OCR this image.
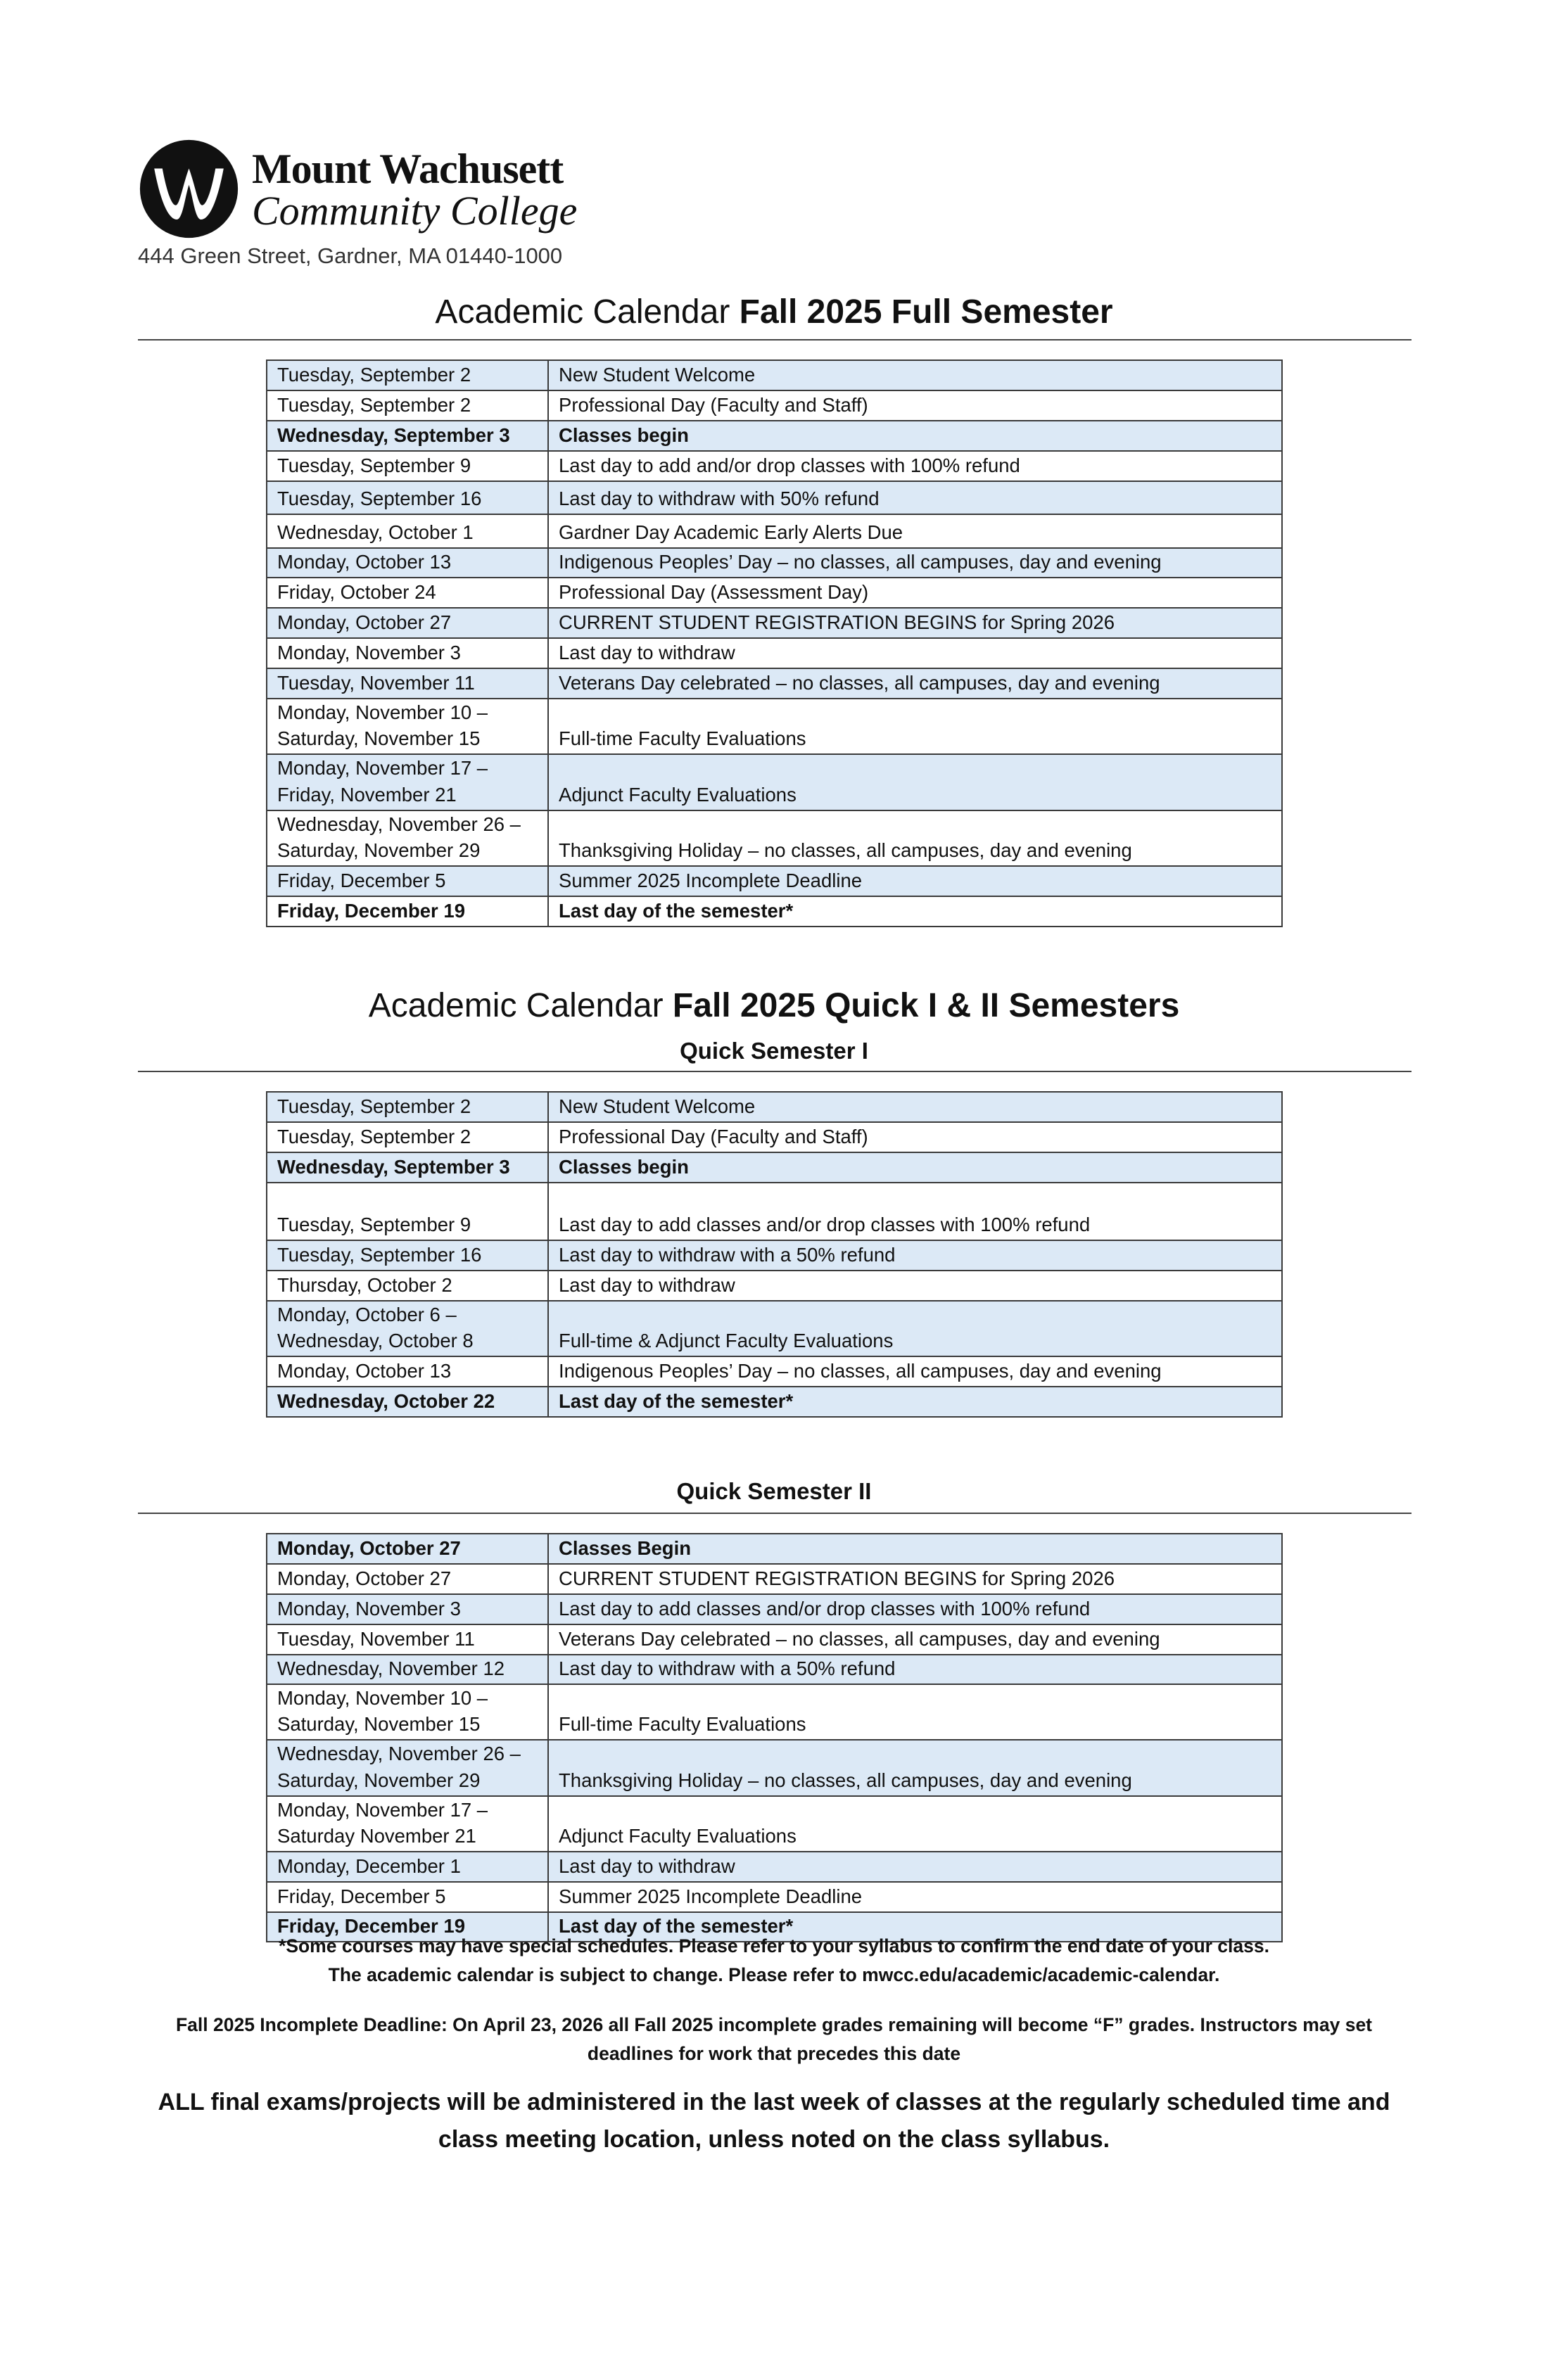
Mount Wachusett
Community College
444 Green Street, Gardner, MA 01440-1000
Academic Calendar Fall 2025 Full Semester
Tuesday, September 2	New Student Welcome
Tuesday, September 2	Professional Day (Faculty and Staff)
Wednesday, September 3	Classes begin
Tuesday, September 9	Last day to add and/or drop classes with 100% refund
Tuesday, September 16	Last day to withdraw with 50% refund
Wednesday, October 1	Gardner Day Academic Early Alerts Due
Monday, October 13	Indigenous Peoples’ Day – no classes, all campuses, day and evening
Friday, October 24	Professional Day (Assessment Day)
Monday, October 27	CURRENT STUDENT REGISTRATION BEGINS for Spring 2026
Monday, November 3	Last day to withdraw
Tuesday, November 11	Veterans Day celebrated – no classes, all campuses, day and evening
Monday, November 10 –
Saturday, November 15	Full-time Faculty Evaluations
Monday, November 17 –
Friday, November 21	Adjunct Faculty Evaluations
Wednesday, November 26 –
Saturday, November 29	Thanksgiving Holiday – no classes, all campuses, day and evening
Friday, December 5	Summer 2025 Incomplete Deadline
Friday, December 19	Last day of the semester*
Academic Calendar Fall 2025 Quick I & II Semesters
Quick Semester I
Tuesday, September 2	New Student Welcome
Tuesday, September 2	Professional Day (Faculty and Staff)
Wednesday, September 3	Classes begin
Tuesday, September 9	Last day to add classes and/or drop classes with 100% refund
Tuesday, September 16	Last day to withdraw with a 50% refund
Thursday, October 2	Last day to withdraw
Monday, October 6 –
Wednesday, October 8	Full-time & Adjunct Faculty Evaluations
Monday, October 13	Indigenous Peoples’ Day – no classes, all campuses, day and evening
Wednesday, October 22	Last day of the semester*
Quick Semester II
Monday, October 27	Classes Begin
Monday, October 27	CURRENT STUDENT REGISTRATION BEGINS for Spring 2026
Monday, November 3	Last day to add classes and/or drop classes with 100% refund
Tuesday, November 11	Veterans Day celebrated – no classes, all campuses, day and evening
Wednesday, November 12	Last day to withdraw with a 50% refund
Monday, November 10 –
Saturday, November 15	Full-time Faculty Evaluations
Wednesday, November 26 –
Saturday, November 29	Thanksgiving Holiday – no classes, all campuses, day and evening
Monday, November 17 –
Saturday November 21	Adjunct Faculty Evaluations
Monday, December 1	Last day to withdraw
Friday, December 5	Summer 2025 Incomplete Deadline
Friday, December 19	Last day of the semester*
*Some courses may have special schedules. Please refer to your syllabus to confirm the end date of your class.
The academic calendar is subject to change. Please refer to mwcc.edu/academic/academic-calendar.
Fall 2025 Incomplete Deadline: On April 23, 2026 all Fall 2025 incomplete grades remaining will become “F” grades. Instructors may set
deadlines for work that precedes this date
ALL final exams/projects will be administered in the last week of classes at the regularly scheduled time and
class meeting location, unless noted on the class syllabus.
